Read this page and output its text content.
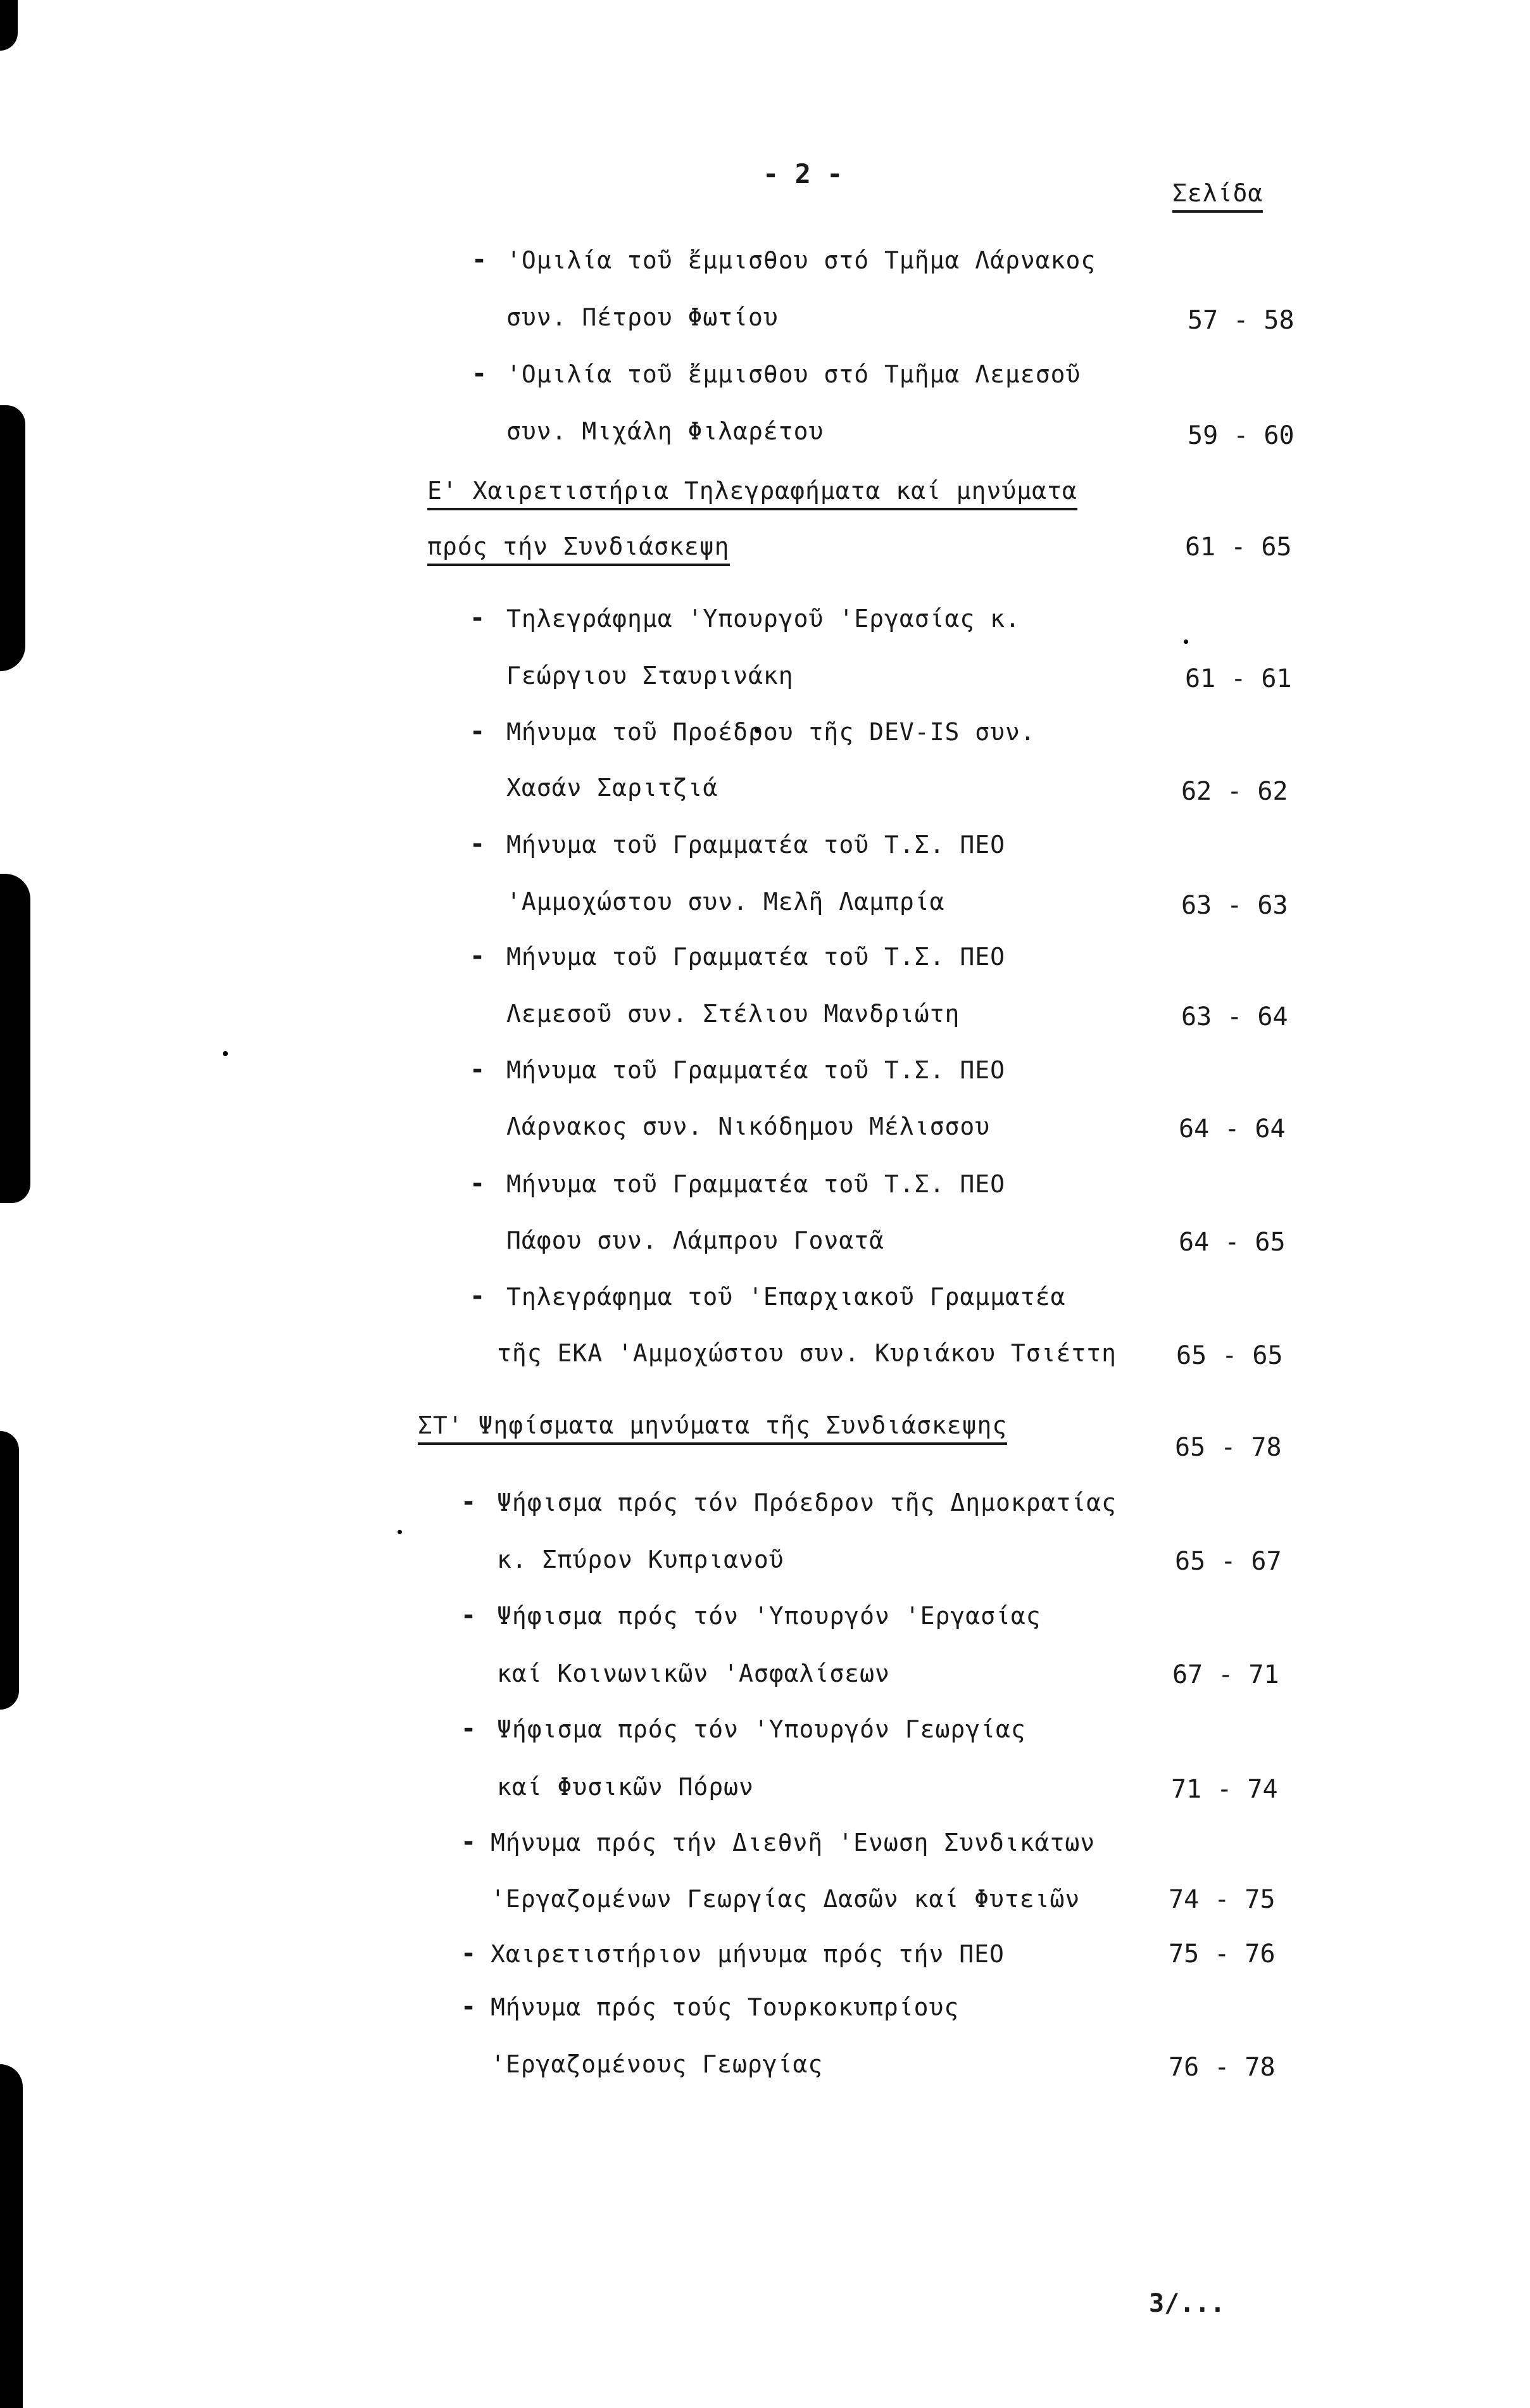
- 2 -
Σελίδα
- 'Ομιλία τοῦ ἔμμισθου στό Τμῆμα Λάρνακος
συν. Πέτρου Φωτίου	57 - 58
- 'Ομιλία τοῦ ἔμμισθου στό Τμῆμα Λεμεσοῦ
συν. Μιχάλη Φιλαρέτου	59 - 60
Ε' Χαιρετιστήρια Τηλεγραφήματα καί μηνύματα
πρός τήν Συνδιάσκεψη	61 - 65
- Τηλεγράφημα 'Υπουργοῦ 'Εργασίας κ.
Γεώργιου Σταυρινάκη	61 - 61
- Μήνυμα τοῦ Προέδρου τῆς DEV-IS συν.
Χασάν Σαριτζιά	62 - 62
- Μήνυμα τοῦ Γραμματέα τοῦ Τ.Σ. ΠΕΟ
'Αμμοχώστου συν. Μελῆ Λαμπρία	63 - 63
- Μήνυμα τοῦ Γραμματέα τοῦ Τ.Σ. ΠΕΟ
Λεμεσοῦ συν. Στέλιου Μανδριώτη	63 - 64
- Μήνυμα τοῦ Γραμματέα τοῦ Τ.Σ. ΠΕΟ
Λάρνακος συν. Νικόδημου Μέλισσου	64 - 64
- Μήνυμα τοῦ Γραμματέα τοῦ Τ.Σ. ΠΕΟ
Πάφου συν. Λάμπρου Γονατᾶ	64 - 65
- Τηλεγράφημα τοῦ 'Επαρχιακοῦ Γραμματέα
τῆς ΕΚΑ 'Αμμοχώστου συν. Κυριάκου Τσιέττη 65 - 65
ΣΤ' Ψηφίσματα μηνύματα τῆς Συνδιάσκεψης
65 - 78
- Ψήφισμα πρός τόν Πρόεδρον τῆς Δημοκρατίας
κ. Σπύρον Κυπριανοῦ	65 - 67
- Ψήφισμα πρός τόν 'Υπουργόν 'Εργασίας
καί Κοινωνικῶν 'Ασφαλίσεων	67 - 71
- Ψήφισμα πρός τόν 'Υπουργόν Γεωργίας
καί Φυσικῶν Πόρων	71 - 74
- Μήνυμα πρός τήν Διεθνῆ 'Ενωση Συνδικάτων
'Εργαζομένων Γεωργίας Δασῶν καί Φυτειῶν	74 - 75
- Χαιρετιστήριον μήνυμα πρός τήν ΠΕΟ	75 - 76
- Μήνυμα πρός τούς Τουρκοκυπρίους
'Εργαζομένους Γεωργίας	76 - 78
3/...
